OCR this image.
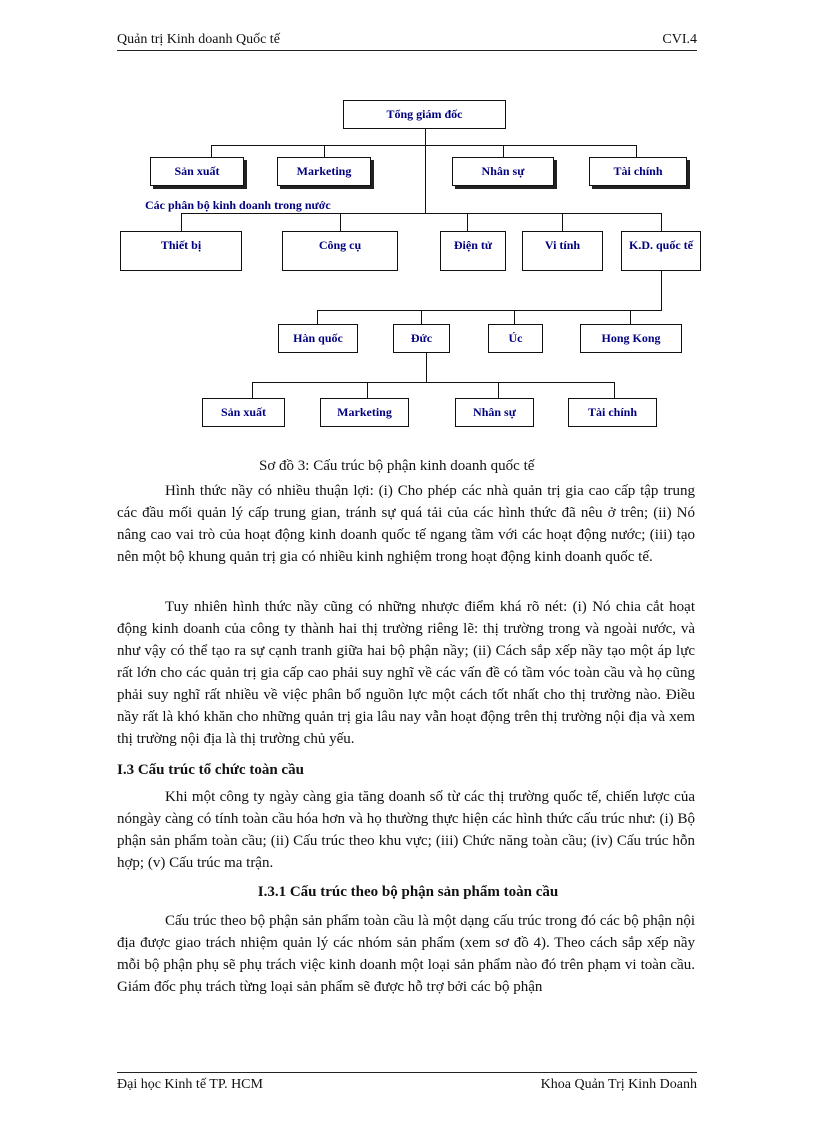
Quản trị Kinh doanh Quốc tế	CVI.4
Tổng giám đốc
Sản xuất	Marketing	Nhân sự	Tài chính
Các phân bộ kinh doanh trong nước
Thiết bị	Công cụ	Điện tử	Vi tính	K.D. quốc tế
Hàn quốc	Đức	Úc	Hong Kong
Sản xuất	Marketing	Nhân sự	Tài chính
Sơ đồ 3: Cấu trúc bộ phận kinh doanh quốc tế

Hình thức nầy có nhiều thuận lợi: (i) Cho phép các nhà quản trị gia cao cấp tập trung các đầu mối quản lý cấp trung gian, tránh sự quá tải của các hình thức đã nêu ở trên; (ii) Nó nâng cao vai trò của hoạt động kinh doanh quốc tế ngang tầm với các hoạt động nước; (iii) tạo nên một bộ khung quản trị gia có nhiều kinh nghiệm trong hoạt động kinh doanh quốc tế.

Tuy nhiên hình thức nầy cũng có những nhược điểm khá rõ nét: (i) Nó chia cắt hoạt động kinh doanh của công ty thành hai thị trường riêng lẽ: thị trường trong và ngoài nước, và như vậy có thể tạo ra sự cạnh tranh giữa hai bộ phận nầy; (ii) Cách sắp xếp nầy tạo một áp lực rất lớn cho các quản trị gia cấp cao phải suy nghĩ về các vấn đề có tầm vóc toàn cầu và họ cũng phải suy nghĩ rất nhiều về việc phân bổ nguồn lực một cách tốt nhất cho thị trường nào. Điều nầy rất là khó khăn cho những quản trị gia lâu nay vẫn hoạt động trên thị trường nội địa và xem thị trường nội địa là thị trường chủ yếu.

I.3 Cấu trúc tổ chức toàn cầu

Khi một công ty ngày càng gia tăng doanh số từ các thị trường quốc tế, chiến lược của nóngày càng có tính toàn cầu hóa hơn và họ thường thực hiện các hình thức cấu trúc như: (i) Bộ phận sản phẩm toàn cầu; (ii) Cấu trúc theo khu vực; (iii) Chức năng toàn cầu; (iv) Cấu trúc hỗn hợp; (v) Cấu trúc ma trận.

I.3.1 Cấu trúc theo bộ phận sản phẩm toàn cầu

Cấu trúc theo bộ phận sản phẩm toàn cầu là một dạng cấu trúc trong đó các bộ phận nội địa được giao trách nhiệm quản lý các nhóm sản phẩm (xem sơ đồ 4). Theo cách sắp xếp nầy mỗi bộ phận phụ sẽ phụ trách việc kinh doanh một loại sản phẩm nào đó trên phạm vi toàn cầu. Giám đốc phụ trách từng loại sản phẩm sẽ được hỗ trợ bởi các bộ phận

Đại học Kinh tế TP. HCM	Khoa Quản Trị Kinh Doanh
